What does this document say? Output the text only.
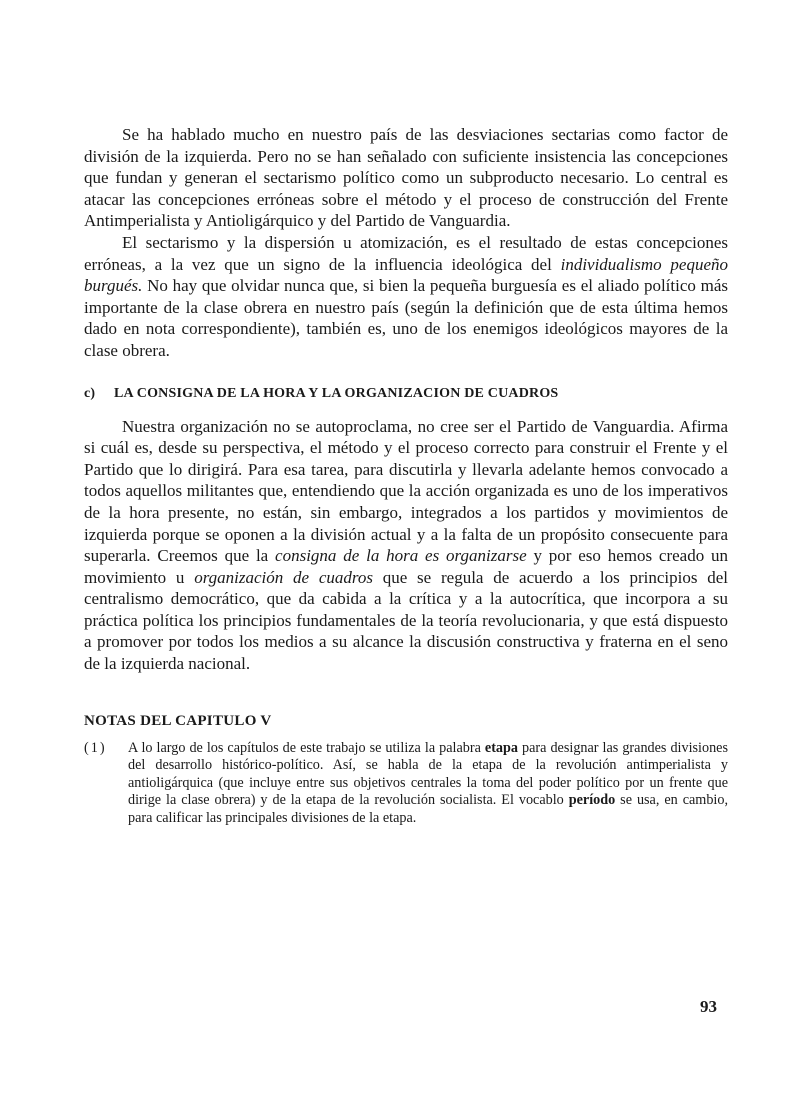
Se ha hablado mucho en nuestro país de las desviaciones sectarias como factor de división de la izquierda. Pero no se han señalado con suficiente insistencia las concepciones que fundan y generan el sectarismo político como un subproducto necesario. Lo central es atacar las concepciones erróneas sobre el método y el proceso de construcción del Frente Antimperialista y Antioligárquico y del Partido de Vanguardia.

El sectarismo y la dispersión u atomización, es el resultado de estas concepciones erróneas, a la vez que un signo de la influencia ideológica del individualismo pequeño burgués. No hay que olvidar nunca que, si bien la pequeña burguesía es el aliado político más importante de la clase obrera en nuestro país (según la definición que de esta última hemos dado en nota correspondiente), también es, uno de los enemigos ideológicos mayores de la clase obrera.

c) LA CONSIGNA DE LA HORA Y LA ORGANIZACION DE CUADROS

Nuestra organización no se autoproclama, no cree ser el Partido de Vanguardia. Afirma si cuál es, desde su perspectiva, el método y el proceso correcto para construir el Frente y el Partido que lo dirigirá. Para esa tarea, para discutirla y llevarla adelante hemos convocado a todos aquellos militantes que, entendiendo que la acción organizada es uno de los imperativos de la hora presente, no están, sin embargo, integrados a los partidos y movimientos de izquierda porque se oponen a la división actual y a la falta de un propósito consecuente para superarla. Creemos que la consigna de la hora es organizarse y por eso hemos creado un movimiento u organización de cuadros que se regula de acuerdo a los principios del centralismo democrático, que da cabida a la crítica y a la autocrítica, que incorpora a su práctica política los principios fundamentales de la teoría revolucionaria, y que está dispuesto a promover por todos los medios a su alcance la discusión constructiva y fraterna en el seno de la izquierda nacional.

NOTAS DEL CAPITULO V
(1)	A lo largo de los capítulos de este trabajo se utiliza la palabra etapa para designar las grandes divisiones del desarrollo histórico-político. Así, se habla de la etapa de la revolución antimperialista y antioligárquica (que incluye entre sus objetivos centrales la toma del poder político por un frente que dirige la clase obrera) y de la etapa de la revolución socialista. El vocablo período se usa, en cambio, para calificar las principales divisiones de la etapa.
93
